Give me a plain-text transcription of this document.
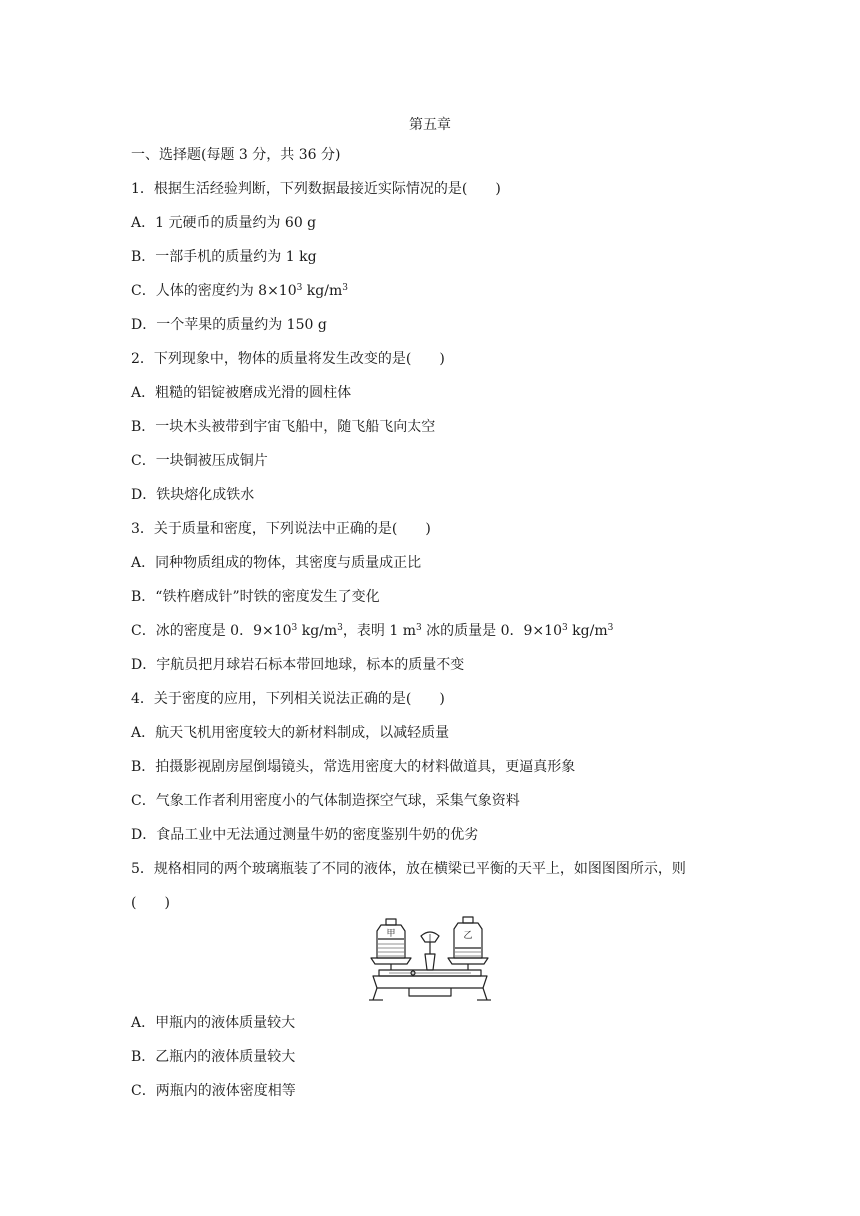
第五章
一、选择题(每题 3 分，共 36 分)
1．根据生活经验判断，下列数据最接近实际情况的是(　　)
A．1 元硬币的质量约为 60 g
B．一部手机的质量约为 1 kg
C．人体的密度约为 $8\times 10^3$ $kg/m^3$
D．一个苹果的质量约为 150 g
2．下列现象中，物体的质量将发生改变的是(　　)
A．粗糙的铝锭被磨成光滑的圆柱体
B．一块木头被带到宇宙飞船中，随飞船飞向太空
C．一块铜被压成铜片
D．铁块熔化成铁水
3．关于质量和密度，下列说法中正确的是(　　)
A．同种物质组成的物体，其密度与质量成正比
B．“铁杵磨成针”时铁的密度发生了变化
C．冰的密度是 0．$9\times 10^3$ $kg/m^3$，表明 1 $m^3$ 冰的质量是 0．$9\times 10^3$ $kg/m^3$
D．宇航员把月球岩石标本带回地球，标本的质量不变
4．关于密度的应用，下列相关说法正确的是(　　)
A．航天飞机用密度较大的新材料制成，以减轻质量
B．拍摄影视剧房屋倒塌镜头，常选用密度大的材料做道具，更逼真形象
C．气象工作者利用密度小的气体制造探空气球，采集气象资料
D．食品工业中无法通过测量牛奶的密度鉴别牛奶的优劣
5．规格相同的两个玻璃瓶装了不同的液体，放在横梁已平衡的天平上，如图图图所示，则
(　　)
甲	乙
A．甲瓶内的液体质量较大
B．乙瓶内的液体质量较大
C．两瓶内的液体密度相等
